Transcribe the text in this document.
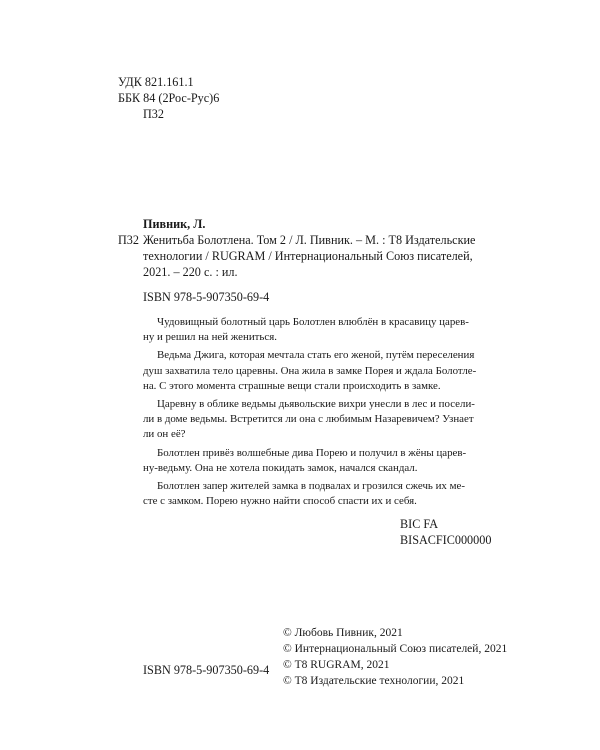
УДК 821.161.1
ББК 84 (2Рос-Рус)6
П32
Пивник, Л.
П32 Женитьба Болотлена. Том 2 / Л. Пивник. – М. : Т8 Издательские
технологии / RUGRAM / Интернациональный Союз писателей,
2021. – 220 с. : ил.
ISBN 978-5-907350-69-4
Чудовищный болотный царь Болотлен влюблён в красавицу царев-
ну и решил на ней жениться.
Ведьма Джига, которая мечтала стать его женой, путём переселения
душ захватила тело царевны. Она жила в замке Порея и ждала Болотле-
на. С этого момента страшные вещи стали происходить в замке.
Царевну в облике ведьмы дьявольские вихри унесли в лес и посели-
ли в доме ведьмы. Встретится ли она с любимым Назаревичем? Узнает
ли он её?
Болотлен привёз волшебные дива Порею и получил в жёны царев-
ну-ведьму. Она не хотела покидать замок, начался скандал.
Болотлен запер жителей замка в подвалах и грозился сжечь их ме-
сте с замком. Порею нужно найти способ спасти их и себя.
BIC FA
BISACFIC000000
ISBN 978-5-907350-69-4
© Любовь Пивник, 2021
© Интернациональный Союз писателей, 2021
© Т8 RUGRAM, 2021
© Т8 Издательские технологии, 2021
